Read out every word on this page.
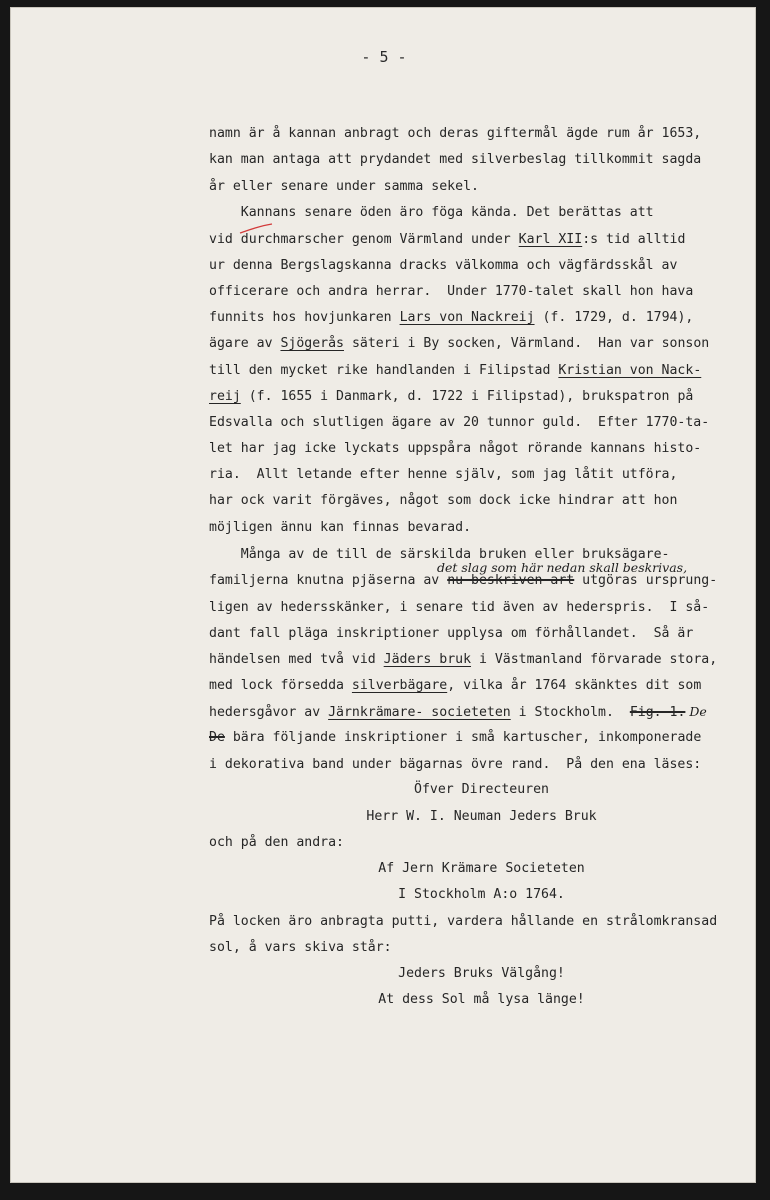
- 5 -
namn är å kannan anbragt och deras giftermål ägde rum år 1653,
kan man antaga att prydandet med silverbeslag tillkommit sagda
år eller senare under samma sekel.
Kannans senare öden äro föga kända. Det berättas att
vid durchmarscher genom Värmland under Karl XII:s tid alltid
ur denna Bergslagskanna dracks välkomma och vägfärdsskål av
officerare och andra herrar.  Under 1770-talet skall hon hava
funnits hos hovjunkaren Lars von Nackreij (f. 1729, d. 1794),
ägare av Sjögerås säteri i By socken, Värmland.  Han var sonson
till den mycket rike handlanden i Filipstad Kristian von Nack-
reij (f. 1655 i Danmark, d. 1722 i Filipstad), brukspatron på
Edsvalla och slutligen ägare av 20 tunnor guld.  Efter 1770-ta-
let har jag icke lyckats uppspåra något rörande kannans histo-
ria.  Allt letande efter henne själv, som jag låtit utföra,
har ock varit förgäves, något som dock icke hindrar att hon
möjligen ännu kan finnas bevarad.
Många av de till de särskilda bruken eller bruksägare-
familjerna knutna pjäserna av nu beskriven art utgöras ursprung-
ligen av hedersskänker, i senare tid även av hederspris.  I så-
dant fall pläga inskriptioner upplysa om förhållandet.  Så är
händelsen med två vid Jäders bruk i Västmanland förvarade stora,
med lock försedda silverbägare, vilka år 1764 skänktes dit som
hedersgåvor av Järnkrämare- societeten i Stockholm.  Fig. 1. De
De bära följande inskriptioner i små kartuscher, inkomponerade
i dekorativa band under bägarnas övre rand.  På den ena läses:
Öfver Directeuren
Herr W. I. Neuman Jeders Bruk
och på den andra:
Af Jern Krämare Societeten
I Stockholm A:o 1764.
På locken äro anbragta putti, vardera hållande en strålomkransad
sol, å vars skiva står:
Jeders Bruks Välgång!
At dess Sol må lysa länge!
det slag som här nedan skall beskrivas,
